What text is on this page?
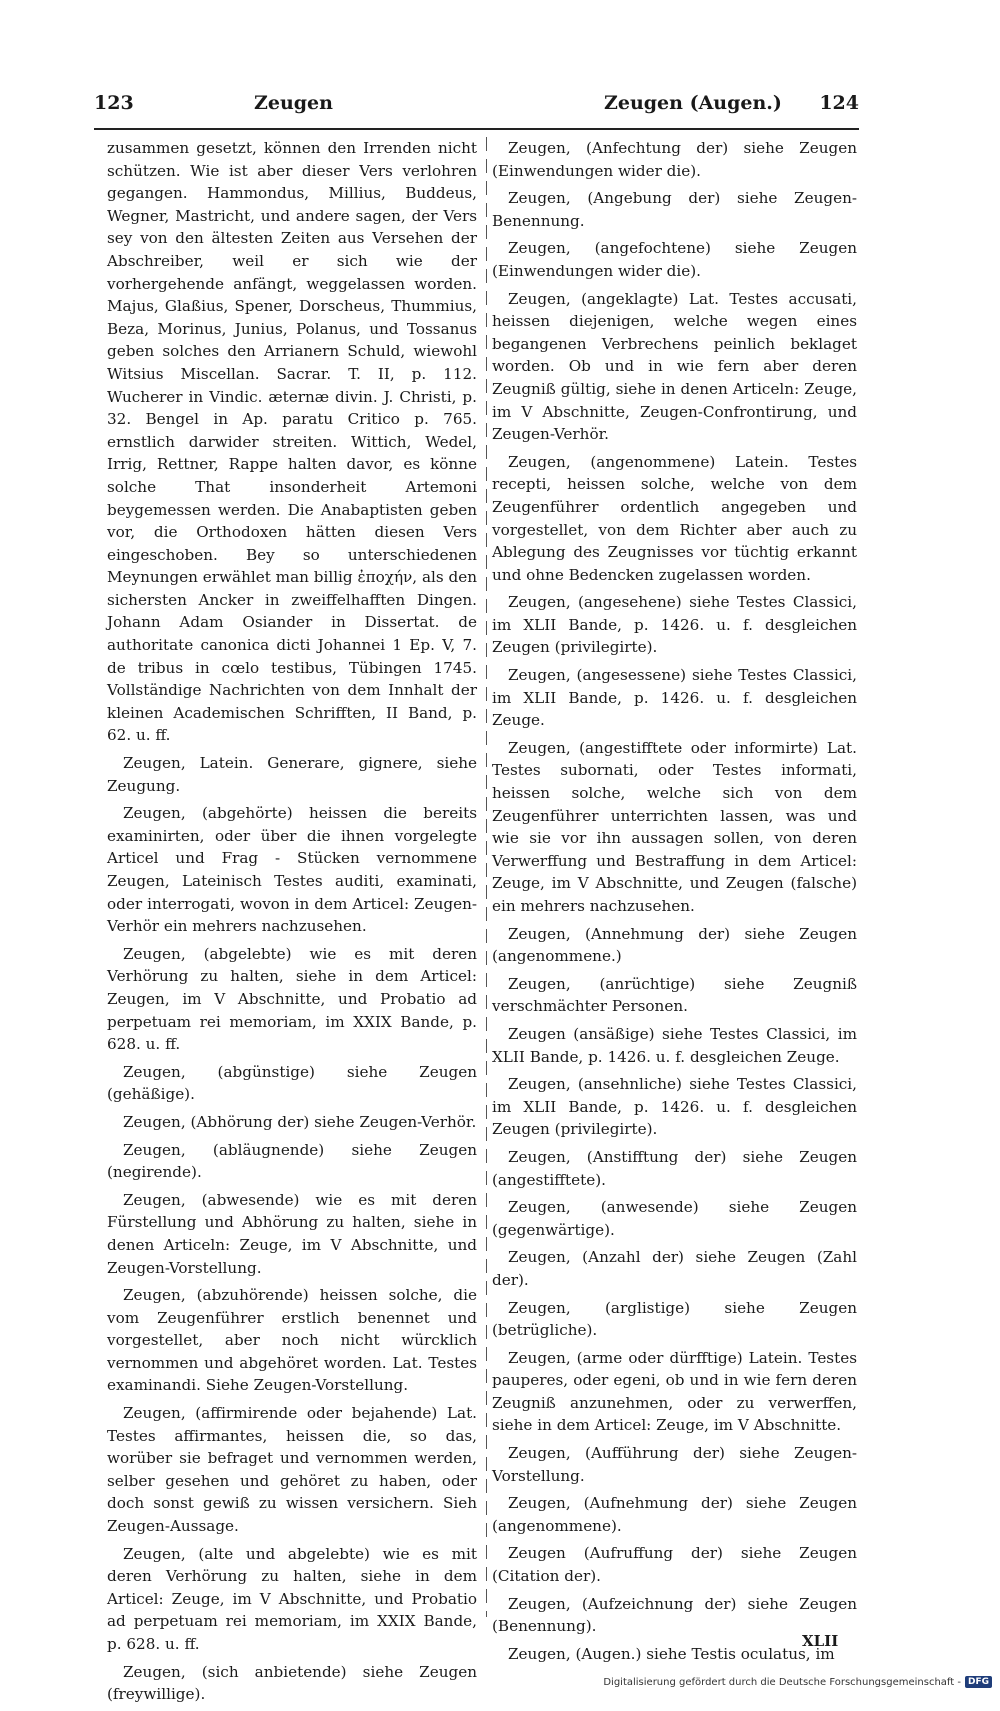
123	Zeugen	Zeugen (Augen.) 124

zusammen gesetzt, können den Irrenden nicht schützen. Wie ist aber dieser Vers verlohren gegangen. Hammondus, Millius, Buddeus, Wegner, Mastricht, und andere sagen, der Vers sey von den ältesten Zeiten aus Versehen der Abschreiber, weil er sich wie der vorhergehende anfängt, weggelassen worden. Majus, Glaßius, Spener, Dorscheus, Thummius, Beza, Morinus, Junius, Polanus, und Tossanus geben solches den Arrianern Schuld, wiewohl Witsius Miscellan. Sacrar. T. II, p. 112. Wucherer in Vindic. æternæ divin. J. Christi, p. 32. Bengel in Ap. paratu Critico p. 765. ernstlich darwider streiten. Wittich, Wedel, Irrig, Rettner, Rappe halten davor, es könne solche That insonderheit Artemoni beygemessen werden. Die Anabaptisten geben vor, die Orthodoxen hätten diesen Vers eingeschoben. Bey so unterschiedenen Meynungen erwählet man billig ἐποχήν, als den sichersten Ancker in zweiffelhafften Dingen. Johann Adam Osiander in Dissertat. de authoritate canonica dicti Johannei 1 Ep. V, 7. de tribus in cœlo testibus, Tübingen 1745. Vollständige Nachrichten von dem Innhalt der kleinen Academischen Schrifften, II Band, p. 62. u. ff.

Zeugen, Latein. Generare, gignere, siehe Zeugung.

Zeugen, (abgehörte) heissen die bereits examinirten, oder über die ihnen vorgelegte Articel und Frag - Stücken vernommene Zeugen, Lateinisch Testes auditi, examinati, oder interrogati, wovon in dem Articel: Zeugen-Verhör ein mehrers nachzusehen.

Zeugen, (abgelebte) wie es mit deren Verhörung zu halten, siehe in dem Articel: Zeugen, im V Abschnitte, und Probatio ad perpetuam rei memoriam, im XXIX Bande, p. 628. u. ff.

Zeugen, (abgünstige) siehe Zeugen (gehäßige).

Zeugen, (Abhörung der) siehe Zeugen-Verhör.

Zeugen, (abläugnende) siehe Zeugen (negirende).

Zeugen, (abwesende) wie es mit deren Fürstellung und Abhörung zu halten, siehe in denen Articeln: Zeuge, im V Abschnitte, und Zeugen-Vorstellung.

Zeugen, (abzuhörende) heissen solche, die vom Zeugenführer erstlich benennet und vorgestellet, aber noch nicht würcklich vernommen und abgehöret worden. Lat. Testes examinandi. Siehe Zeugen-Vorstellung.

Zeugen, (affirmirende oder bejahende) Lat. Testes affirmantes, heissen die, so das, worüber sie befraget und vernommen werden, selber gesehen und gehöret zu haben, oder doch sonst gewiß zu wissen versichern. Sieh Zeugen-Aussage.

Zeugen, (alte und abgelebte) wie es mit deren Verhörung zu halten, siehe in dem Articel: Zeuge, im V Abschnitte, und Probatio ad perpetuam rei memoriam, im XXIX Bande, p. 628. u. ff.

Zeugen, (sich anbietende) siehe Zeugen (freywillige).

Zeugen, (Anfechtung der) siehe Zeugen (Einwendungen wider die).

Zeugen, (Angebung der) siehe Zeugen-Benennung.

Zeugen, (angefochtene) siehe Zeugen (Einwendungen wider die).

Zeugen, (angeklagte) Lat. Testes accusati, heissen diejenigen, welche wegen eines begangenen Verbrechens peinlich beklaget worden. Ob und in wie fern aber deren Zeugniß gültig, siehe in denen Articeln: Zeuge, im V Abschnitte, Zeugen-Confrontirung, und Zeugen-Verhör.

Zeugen, (angenommene) Latein. Testes recepti, heissen solche, welche von dem Zeugenführer ordentlich angegeben und vorgestellet, von dem Richter aber auch zu Ablegung des Zeugnisses vor tüchtig erkannt und ohne Bedencken zugelassen worden.

Zeugen, (angesehene) siehe Testes Classici, im XLII Bande, p. 1426. u. f. desgleichen Zeugen (privilegirte).

Zeugen, (angesessene) siehe Testes Classici, im XLII Bande, p. 1426. u. f. desgleichen Zeuge.

Zeugen, (angestifftete oder informirte) Lat. Testes subornati, oder Testes informati, heissen solche, welche sich von dem Zeugenführer unterrichten lassen, was und wie sie vor ihn aussagen sollen, von deren Verwerffung und Bestraffung in dem Articel: Zeuge, im V Abschnitte, und Zeugen (falsche) ein mehrers nachzusehen.

Zeugen, (Annehmung der) siehe Zeugen (angenommene.)

Zeugen, (anrüchtige) siehe Zeugniß verschmächter Personen.

Zeugen (ansäßige) siehe Testes Classici, im XLII Bande, p. 1426. u. f. desgleichen Zeuge.

Zeugen, (ansehnliche) siehe Testes Classici, im XLII Bande, p. 1426. u. f. desgleichen Zeugen (privilegirte).

Zeugen, (Anstifftung der) siehe Zeugen (angestifftete).

Zeugen, (anwesende) siehe Zeugen (gegenwärtige).

Zeugen, (Anzahl der) siehe Zeugen (Zahl der).

Zeugen, (arglistige) siehe Zeugen (betrügliche).

Zeugen, (arme oder dürfftige) Latein. Testes pauperes, oder egeni, ob und in wie fern deren Zeugniß anzunehmen, oder zu verwerffen, siehe in dem Articel: Zeuge, im V Abschnitte.

Zeugen, (Aufführung der) siehe Zeugen-Vorstellung.

Zeugen, (Aufnehmung der) siehe Zeugen (angenommene).

Zeugen (Aufruffung der) siehe Zeugen (Citation der).

Zeugen, (Aufzeichnung der) siehe Zeugen (Benennung).

Zeugen, (Augen.) siehe Testis oculatus, im

XLII
Digitalisierung gefördert durch die Deutsche Forschungsgemeinschaft - DFG
